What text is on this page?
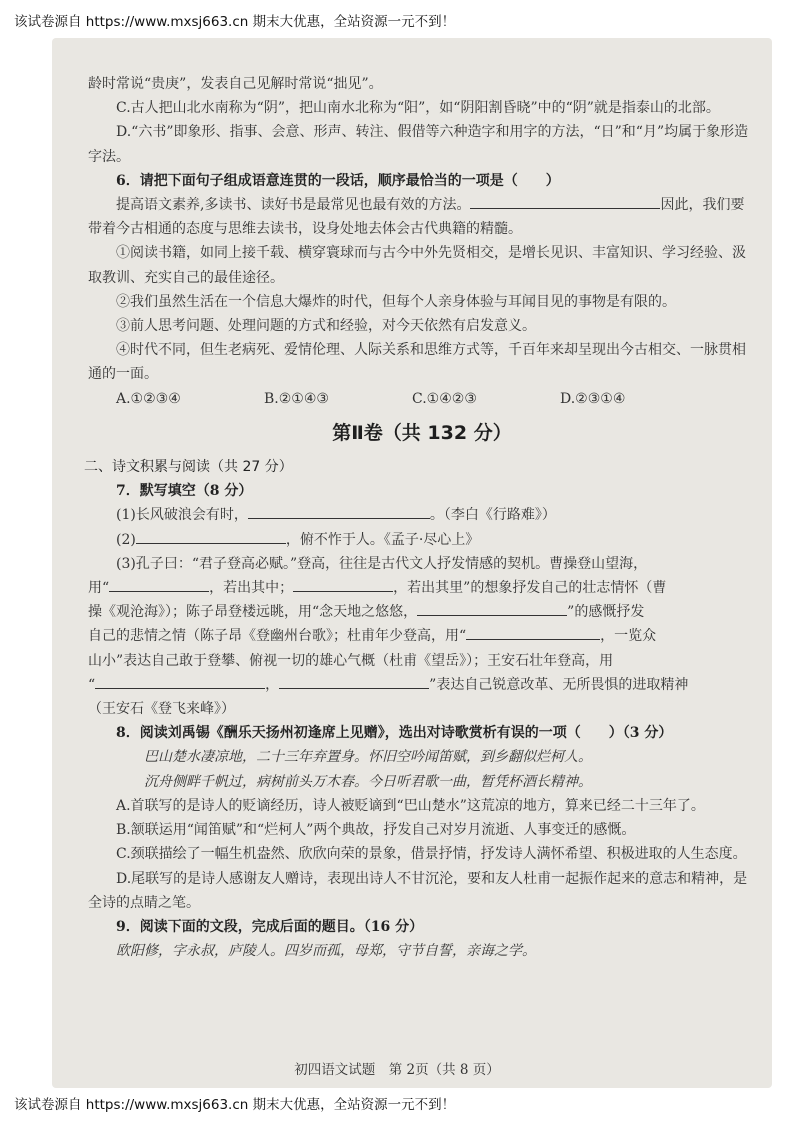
该试卷源自 https://www.mxsj663.cn 期末大优惠，全站资源一元不到！

龄时常说“贵庚”，发表自己见解时常说“拙见”。

C.古人把山北水南称为“阴”，把山南水北称为“阳”，如“阴阳割昏晓”中的“阴”就是指泰山的北部。

D.“六书”即象形、指事、会意、形声、转注、假借等六种造字和用字的方法，“日”和“月”均属于象形造字法。

6．请把下面句子组成语意连贯的一段话，顺序最恰当的一项是（　　）

提高语文素养,多读书、读好书是最常见也最有效的方法。	因此，我们要带着今古相通的态度与思维去读书，设身处地去体会古代典籍的精髓。

①阅读书籍，如同上接千载、横穿寰球而与古今中外先贤相交，是增长见识、丰富知识、学习经验、汲取教训、充实自己的最佳途径。

②我们虽然生活在一个信息大爆炸的时代，但每个人亲身体验与耳闻目见的事物是有限的。

③前人思考问题、处理问题的方式和经验，对今天依然有启发意义。

④时代不同，但生老病死、爱情伦理、人际关系和思维方式等，千百年来却呈现出今古相交、一脉贯相通的一面。

A.①②③④	B.②①④③	C.①④②③	D.②③①④

第Ⅱ卷（共 132 分）

二、诗文积累与阅读（共 27 分）

7．默写填空（8 分）

(1)长风破浪会有时，	。（李白《行路难》）

(2)	，俯不怍于人。《孟子·尽心上》

(3)孔子曰：“君子登高必赋。”登高，往往是古代文人抒发情感的契机。曹操登山望海，

用“	，若出其中；	，若出其里”的想象抒发自己的壮志情怀（曹

操《观沧海》）；陈子昂登楼远眺，用“念天地之悠悠，	”的感慨抒发

自己的悲情之情（陈子昂《登幽州台歌》；杜甫年少登高，用“	，一览众

山小”表达自己敢于登攀、俯视一切的雄心气概（杜甫《望岳》）；王安石壮年登高，用

“	，	”表达自己锐意改革、无所畏惧的进取精神

（王安石《登飞来峰》）

8．阅读刘禹锡《酬乐天扬州初逢席上见赠》，选出对诗歌赏析有误的一项（　　）（3 分）

巴山楚水凄凉地，二十三年弃置身。怀旧空吟闻笛赋，到乡翻似烂柯人。

沉舟侧畔千帆过，病树前头万木春。今日听君歌一曲，暂凭杯酒长精神。

A.首联写的是诗人的贬谪经历，诗人被贬谪到“巴山楚水”这荒凉的地方，算来已经二十三年了。

B.颔联运用“闻笛赋”和“烂柯人”两个典故，抒发自己对岁月流逝、人事变迁的感慨。

C.颈联描绘了一幅生机盎然、欣欣向荣的景象，借景抒情，抒发诗人满怀希望、积极进取的人生态度。

D.尾联写的是诗人感谢友人赠诗，表现出诗人不甘沉沦，要和友人杜甫一起振作起来的意志和精神，是全诗的点睛之笔。

9．阅读下面的文段，完成后面的题目。（16 分）

欧阳修，字永叔，庐陵人。四岁而孤，母郑，守节自誓，亲诲之学。

初四语文试题　第 2页（共 8 页）
该试卷源自 https://www.mxsj663.cn 期末大优惠，全站资源一元不到！
